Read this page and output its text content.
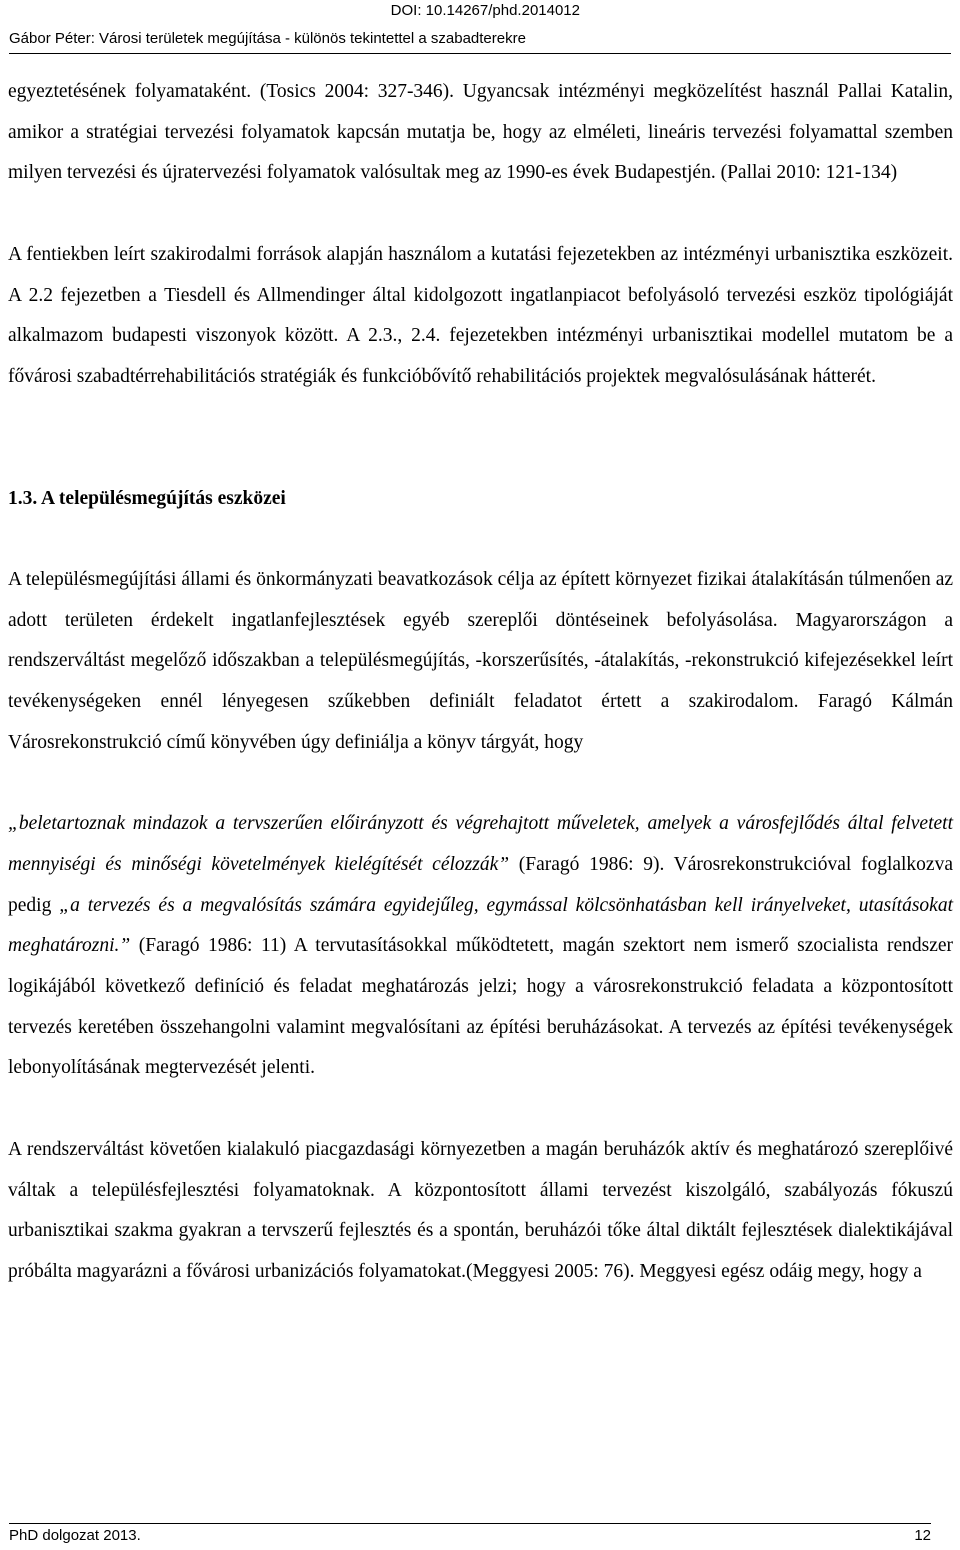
DOI: 10.14267/phd.2014012
Gábor Péter: Városi területek megújítása - különös tekintettel a szabadterekre

egyeztetésének folyamataként. (Tosics 2004: 327-346). Ugyancsak intézményi megközelítést használ Pallai Katalin, amikor a stratégiai tervezési folyamatok kapcsán mutatja be, hogy az elméleti, lineáris tervezési folyamattal szemben milyen tervezési és újratervezési folyamatok valósultak meg az 1990-es évek Budapestjén. (Pallai 2010: 121-134)

A fentiekben leírt szakirodalmi források alapján használom a kutatási fejezetekben az intézményi urbanisztika eszközeit. A 2.2 fejezetben a Tiesdell és Allmendinger által kidolgozott ingatlanpiacot befolyásoló tervezési eszköz tipológiáját alkalmazom budapesti viszonyok között. A 2.3., 2.4. fejezetekben intézményi urbanisztikai modellel mutatom be a fővárosi szabadtérrehabilitációs stratégiák és funkcióbővítő rehabilitációs projektek megvalósulásának hátterét.

1.3. A településmegújítás eszközei

A településmegújítási állami és önkormányzati beavatkozások célja az épített környezet fizikai átalakításán túlmenően az adott területen érdekelt ingatlanfejlesztések egyéb szereplői döntéseinek befolyásolása. Magyarországon a rendszerváltást megelőző időszakban a településmegújítás, -korszerűsítés, -átalakítás, -rekonstrukció kifejezésekkel leírt tevékenységeken ennél lényegesen szűkebben definiált feladatot értett a szakirodalom. Faragó Kálmán Városrekonstrukció című könyvében úgy definiálja a könyv tárgyát, hogy

„beletartoznak mindazok a tervszerűen előirányzott és végrehajtott műveletek, amelyek a városfejlődés által felvetett mennyiségi és minőségi követelmények kielégítését célozzák” (Faragó 1986: 9). Városrekonstrukcióval foglalkozva pedig „a tervezés és a megvalósítás számára egyidejűleg, egymással kölcsönhatásban kell irányelveket, utasításokat meghatározni.” (Faragó 1986: 11) A tervutasításokkal működtetett, magán szektort nem ismerő szocialista rendszer logikájából következő definíció és feladat meghatározás jelzi; hogy a városrekonstrukció feladata a központosított tervezés keretében összehangolni valamint megvalósítani az építési beruházásokat. A tervezés az építési tevékenységek lebonyolításának megtervezését jelenti.

A rendszerváltást követően kialakuló piacgazdasági környezetben a magán beruházók aktív és meghatározó szereplőivé váltak a településfejlesztési folyamatoknak. A központosított állami tervezést kiszolgáló, szabályozás fókuszú urbanisztikai szakma gyakran a tervszerű fejlesztés és a spontán, beruházói tőke által diktált fejlesztések dialektikájával próbálta magyarázni a fővárosi urbanizációs folyamatokat.(Meggyesi 2005: 76). Meggyesi egész odáig megy, hogy a

PhD dolgozat 2013.	12
